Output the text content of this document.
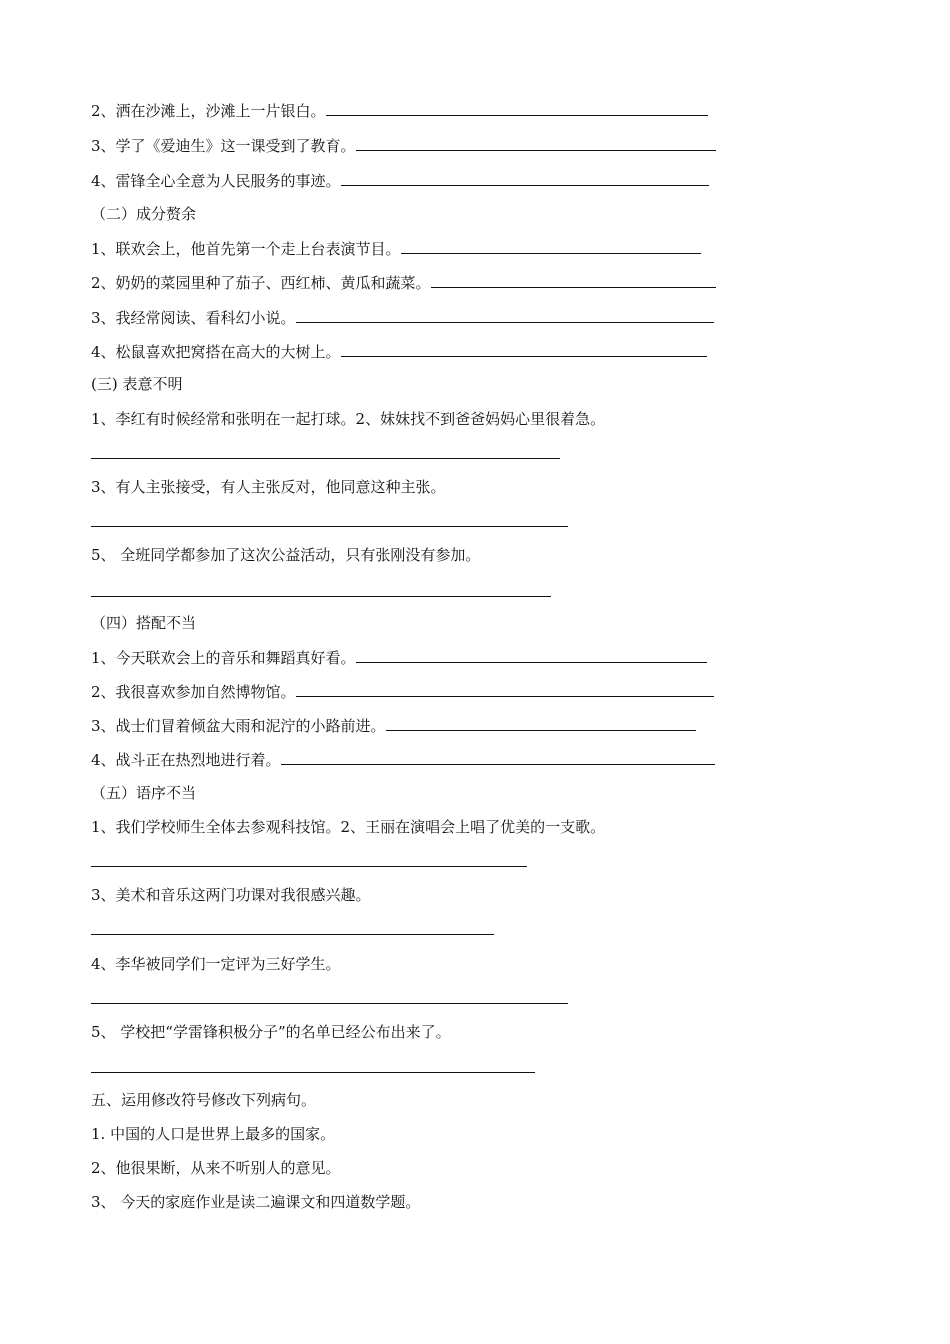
2、洒在沙滩上，沙滩上一片银白。
3、学了《爱迪生》这一课受到了教育。
4、雷锋全心全意为人民服务的事迹。
（二）成分赘余
1、联欢会上，他首先第一个走上台表演节目。
2、奶奶的菜园里种了茄子、西红柿、黄瓜和蔬菜。
3、我经常阅读、看科幻小说。
4、松鼠喜欢把窝搭在高大的大树上。
(三) 表意不明
1、李红有时候经常和张明在一起打球。2、妹妹找不到爸爸妈妈心里很着急。
3、有人主张接受，有人主张反对，他同意这种主张。
5、 全班同学都参加了这次公益活动，只有张刚没有参加。
（四）搭配不当
1、今天联欢会上的音乐和舞蹈真好看。
2、我很喜欢参加自然博物馆。
3、战士们冒着倾盆大雨和泥泞的小路前进。
4、战斗正在热烈地进行着。
（五）语序不当
1、我们学校师生全体去参观科技馆。2、王丽在演唱会上唱了优美的一支歌。
3、美术和音乐这两门功课对我很感兴趣。
4、李华被同学们一定评为三好学生。
5、 学校把“学雷锋积极分子”的名单已经公布出来了。
五、运用修改符号修改下列病句。
1. 中国的人口是世界上最多的国家。
2、他很果断，从来不听别人的意见。
3、 今天的家庭作业是读二遍课文和四道数学题。
